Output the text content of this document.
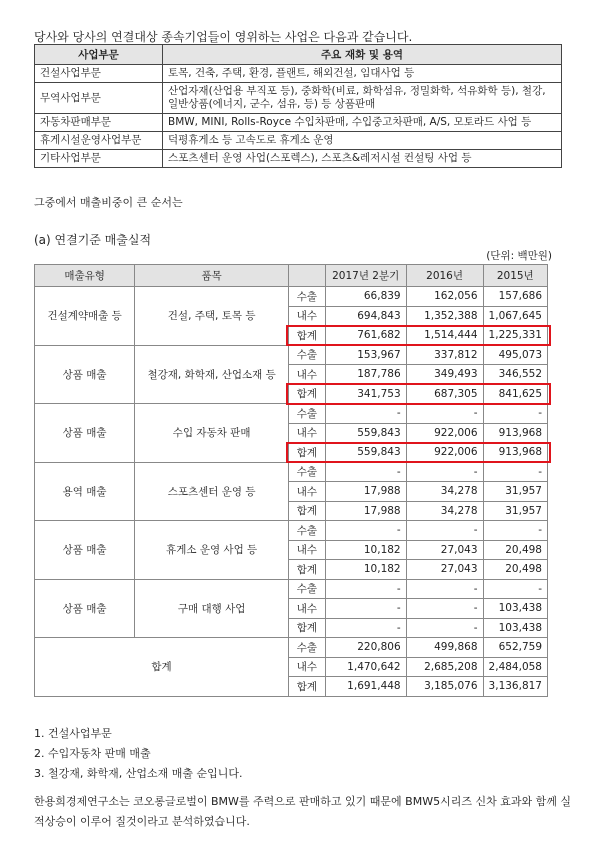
당사와 당사의 연결대상 종속기업들이 영위하는 사업은 다음과 같습니다.
사업부문	주요 재화 및 용역
건설사업부문	토목, 건축, 주택, 환경, 플랜트, 해외건설, 임대사업 등
무역사업부문	산업자재(산업용 부직포 등), 중화학(비료, 화학섬유, 정밀화학, 석유화학 등), 철강, 일반상품(에너지, 군수, 섬유, 등) 등 상품판매
자동차판매부문	BMW, MINI, Rolls-Royce 수입차판매, 수입중고차판매, A/S, 모토라드 사업 등
휴게시설운영사업부문	덕평휴게소 등 고속도로 휴게소 운영
기타사업부문	스포츠센터 운영 사업(스포렉스), 스포츠&레저시설 컨설팅 사업 등
그중에서 매출비중이 큰 순서는
(a) 연결기준 매출실적
(단위: 백만원)
매출유형	품목		2017년 2분기	2016년	2015년
건설계약매출 등	건설, 주택, 토목 등	수출	66,839	162,056	157,686
		내수	694,843	1,352,388	1,067,645
		합계	761,682	1,514,444	1,225,331
상품 매출	철강재, 화학재, 산업소재 등	수출	153,967	337,812	495,073
		내수	187,786	349,493	346,552
		합계	341,753	687,305	841,625
상품 매출	수입 자동차 판매	수출	-	-	-
		내수	559,843	922,006	913,968
		합계	559,843	922,006	913,968
용역 매출	스포츠센터 운영 등	수출	-	-	-
		내수	17,988	34,278	31,957
		합계	17,988	34,278	31,957
상품 매출	휴게소 운영 사업 등	수출	-	-	-
		내수	10,182	27,043	20,498
		합계	10,182	27,043	20,498
상품 매출	구매 대행 사업	수출	-	-	-
		내수	-	-	103,438
		합계	-	-	103,438
합계		수출	220,806	499,868	652,759
		내수	1,470,642	2,685,208	2,484,058
		합계	1,691,448	3,185,076	3,136,817
1. 건설사업부문
2. 수입자동차 판매 매출
3. 철강재, 화학재, 산업소재 매출 순입니다.
한용희경제연구소는 코오롱글로벌이 BMW를 주력으로 판매하고 있기 때문에 BMW5시리즈 신차 효과와 함께 실적상승이 이루어 질것이라고 분석하였습니다.
